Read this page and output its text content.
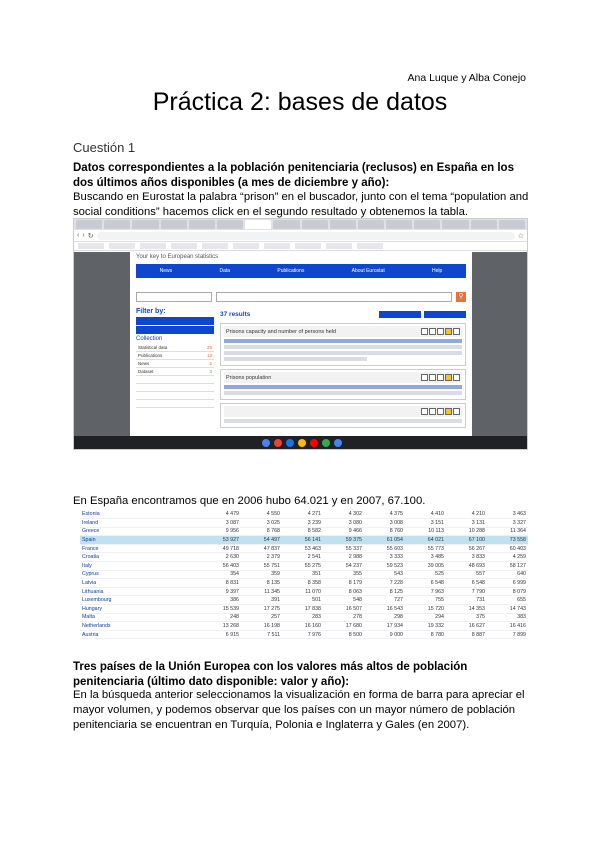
Ana Luque y Alba Conejo
Práctica 2: bases de datos
Cuestión 1
Datos correspondientes a la población penitenciaria (reclusos) en España en los dos últimos años disponibles (a mes de diciembre y año):
Buscando en Eurostat la palabra “prison” en el buscador, junto con el tema “population and social conditions” hacemos click en el segundo resultado y obtenemos la tabla.
‹ › ↻	☆
Your key to European statistics
News	Data	Publications	About Eurostat	Help

⚲
Filter by:
Collection
Statistical data	29
Publications	13
News	2
Dataset	3
37 results
Prisons capacity and number of persons held
Prisons population
En España encontramos que en 2006 hubo 64.021 y en 2007, 67.100.
Estonia		4 479	4 550	4 271	4 302	4 375	4 410	4 210	3 463
Ireland		3 087	3 025	3 239	3 080	3 008	3 151	3 131	3 327
Greece		9 956	8 768	8 582	9 466	8 760	10 113	10 288	11 364
Spain		53 927	54 497	56 141	59 375	61 054	64 021	67 100	73 558
France		49 718	47 837	53 463	55 337	55 603	55 773	56 267	60 403
Croatia		2 630	2 379	2 541	2 988	3 333	3 485	3 833	4 259
Italy		56 403	55 751	55 275	54 237	59 523	39 005	48 693	58 127
Cyprus		354	359	351	355	543	525	557	640
Latvia		8 831	8 135	8 358	8 179	7 228	6 548	6 548	6 999
Lithuania		9 397	11 345	11 070	8 063	8 125	7 963	7 790	8 079
Luxembourg		386	391	501	548	727	755	731	655
Hungary		15 539	17 275	17 838	16 507	16 543	15 720	14 353	14 743
Malta		248	257	283	278	298	294	375	383
Netherlands		13 268	16 198	16 160	17 680	17 934	19 332	16 627	16 416
Austria		6 915	7 511	7 976	8 500	9 000	8 780	8 887	7 899
Tres países de la Unión Europea con los valores más altos de población penitenciaria (último dato disponible: valor y año):
En la búsqueda anterior seleccionamos la visualización en forma de barra para apreciar el mayor volumen, y podemos observar que los países con un mayor número de población penitenciaria se encuentran en Turquía, Polonia e Inglaterra y Gales (en 2007).
